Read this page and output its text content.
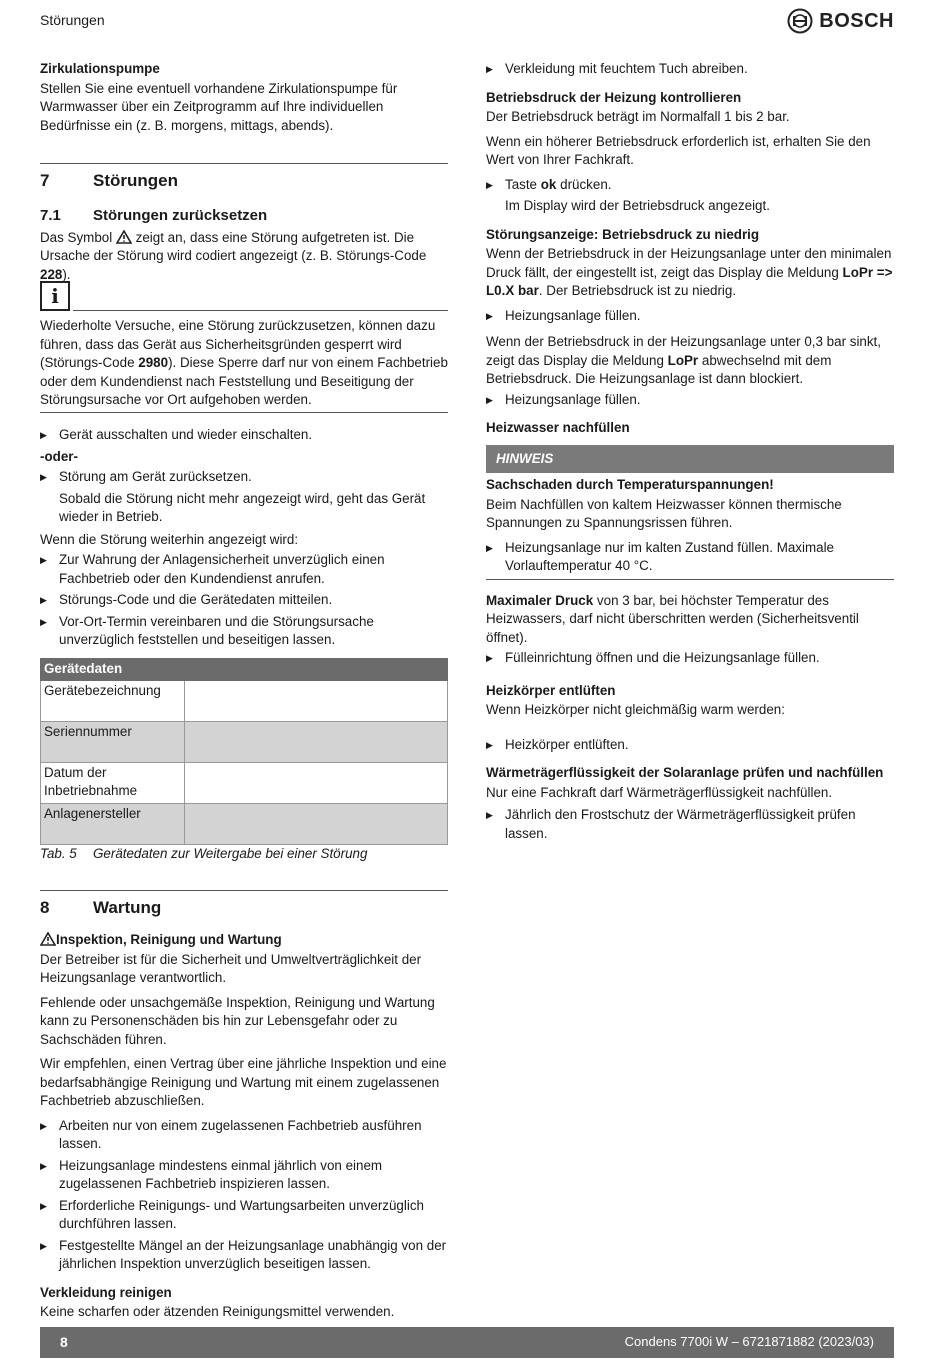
Störungen	BOSCH
Zirkulationspumpe

Stellen Sie eine eventuell vorhandene Zirkulationspumpe für Warmwasser über ein Zeitprogramm auf Ihre individuellen Bedürfnisse ein (z. B. morgens, mittags, abends).

7	Störungen
7.1	Störungen zurücksetzen

Das Symbol zeigt an, dass eine Störung aufgetreten ist. Die Ursache der Störung wird codiert angezeigt (z. B. Störungs-Code 228).

i

Wiederholte Versuche, eine Störung zurückzusetzen, können dazu führen, dass das Gerät aus Sicherheitsgründen gesperrt wird (Störungs-Code 2980). Diese Sperre darf nur von einem Fachbetrieb oder dem Kundendienst nach Feststellung und Beseitigung der Störungsursache vor Ort aufgehoben werden.

▶ Gerät ausschalten und wieder einschalten.
-oder-
▶ Störung am Gerät zurücksetzen.
Sobald die Störung nicht mehr angezeigt wird, geht das Gerät wieder in Betrieb.

Wenn die Störung weiterhin angezeigt wird:

▶ Zur Wahrung der Anlagensicherheit unverzüglich einen Fachbetrieb oder den Kundendienst anrufen.
▶ Störungs-Code und die Gerätedaten mitteilen.
▶ Vor-Ort-Termin vereinbaren und die Störungsursache unverzüglich feststellen und beseitigen lassen.
Gerätedaten	
Gerätebezeichnung	
Seriennummer	
Datum der Inbetriebnahme	
Anlagenersteller	
Tab. 5	Gerätedaten zur Weitergabe bei einer Störung
8	Wartung
Inspektion, Reinigung und Wartung

Der Betreiber ist für die Sicherheit und Umweltverträglichkeit der Heizungsanlage verantwortlich.

Fehlende oder unsachgemäße Inspektion, Reinigung und Wartung kann zu Personenschäden bis hin zur Lebensgefahr oder zu Sachschäden führen.

Wir empfehlen, einen Vertrag über eine jährliche Inspektion und eine bedarfsabhängige Reinigung und Wartung mit einem zugelassenen Fachbetrieb abzuschließen.

▶ Arbeiten nur von einem zugelassenen Fachbetrieb ausführen lassen.
▶ Heizungsanlage mindestens einmal jährlich von einem zugelassenen Fachbetrieb inspizieren lassen.
▶ Erforderliche Reinigungs- und Wartungsarbeiten unverzüglich durchführen lassen.
▶ Festgestellte Mängel an der Heizungsanlage unabhängig von der jährlichen Inspektion unverzüglich beseitigen lassen.
Verkleidung reinigen

Keine scharfen oder ätzenden Reinigungsmittel verwenden.

▶ Verkleidung mit feuchtem Tuch abreiben.
Betriebsdruck der Heizung kontrollieren

Der Betriebsdruck beträgt im Normalfall 1 bis 2 bar.

Wenn ein höherer Betriebsdruck erforderlich ist, erhalten Sie den Wert von Ihrer Fachkraft.

▶ Taste ok drücken.
Im Display wird der Betriebsdruck angezeigt.
Störungsanzeige: Betriebsdruck zu niedrig

Wenn der Betriebsdruck in der Heizungsanlage unter den minimalen Druck fällt, der eingestellt ist, zeigt das Display die Meldung LoPr => L0.X bar. Der Betriebsdruck ist zu niedrig.

▶ Heizungsanlage füllen.

Wenn der Betriebsdruck in der Heizungsanlage unter 0,3 bar sinkt, zeigt das Display die Meldung LoPr abwechselnd mit dem Betriebsdruck. Die Heizungsanlage ist dann blockiert.

▶ Heizungsanlage füllen.
Heizwasser nachfüllen
HINWEIS
Sachschaden durch Temperaturspannungen!

Beim Nachfüllen von kaltem Heizwasser können thermische Spannungen zu Spannungsrissen führen.

▶ Heizungsanlage nur im kalten Zustand füllen. Maximale Vorlauftemperatur 40 °C.

Maximaler Druck von 3 bar, bei höchster Temperatur des Heizwassers, darf nicht überschritten werden (Sicherheitsventil öffnet).

▶ Fülleinrichtung öffnen und die Heizungsanlage füllen.
Heizkörper entlüften

Wenn Heizkörper nicht gleichmäßig warm werden:

▶ Heizkörper entlüften.
Wärmeträgerflüssigkeit der Solaranlage prüfen und nachfüllen

Nur eine Fachkraft darf Wärmeträgerflüssigkeit nachfüllen.

▶ Jährlich den Frostschutz der Wärmeträgerflüssigkeit prüfen lassen.
8	Condens 7700i W – 6721871882 (2023/03)
